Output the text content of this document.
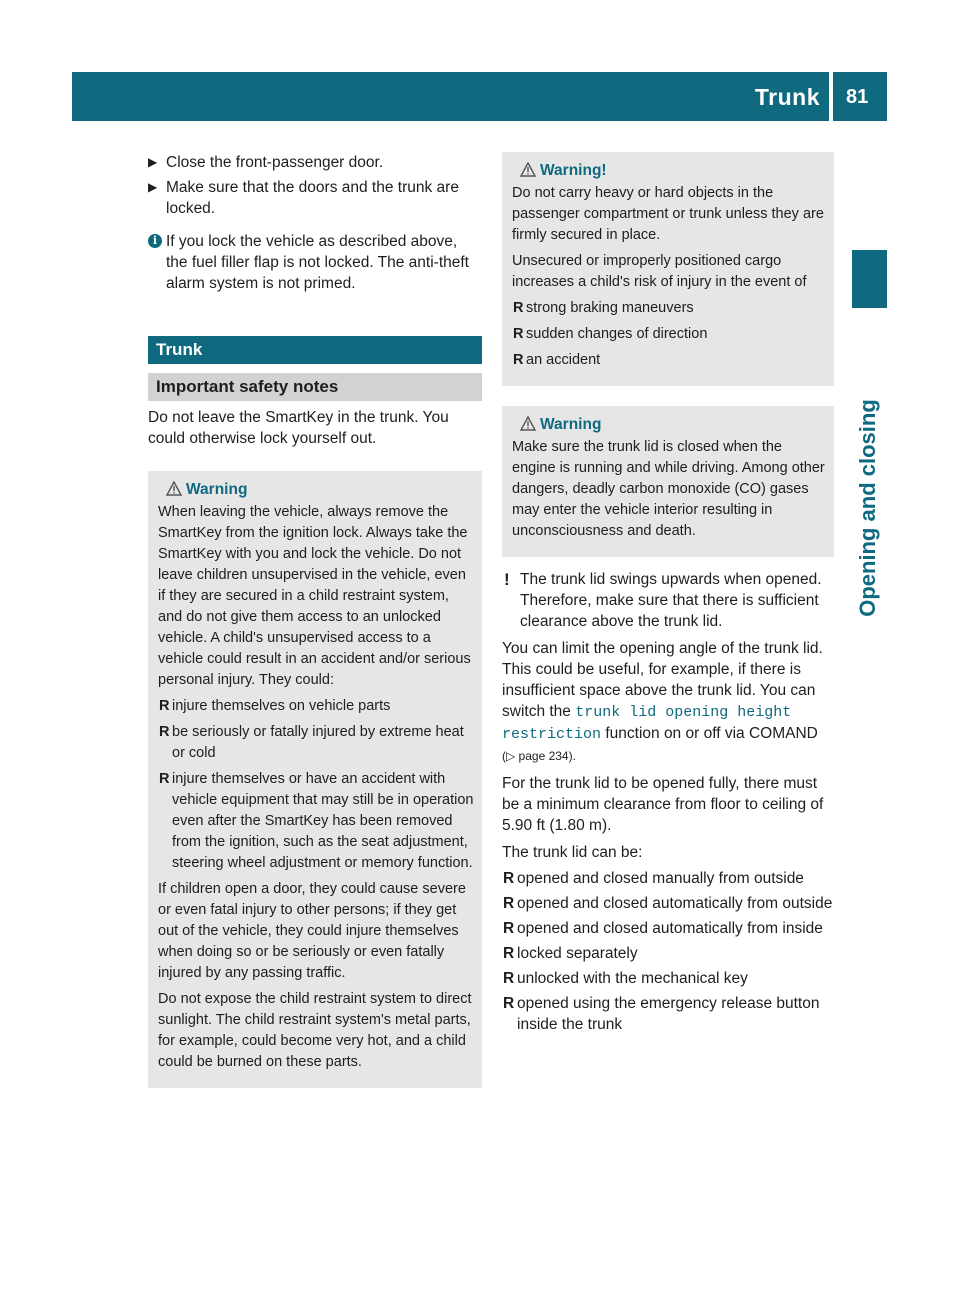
Trunk 81
Opening and closing
▶ Close the front-passenger door.
▶ Make sure that the doors and the trunk are locked.
i If you lock the vehicle as described above, the fuel filler flap is not locked. The anti-theft alarm system is not primed.
Trunk
Important safety notes
Do not leave the SmartKey in the trunk. You could otherwise lock yourself out.
Warning

When leaving the vehicle, always remove the SmartKey from the ignition lock. Always take the SmartKey with you and lock the vehicle. Do not leave children unsupervised in the vehicle, even if they are secured in a child restraint system, and do not give them access to an unlocked vehicle. A child's unsupervised access to a vehicle could result in an accident and/or serious personal injury. They could:

R injure themselves on vehicle parts
R be seriously or fatally injured by extreme heat or cold
R injure themselves or have an accident with vehicle equipment that may still be in operation even after the SmartKey has been removed from the ignition, such as the seat adjustment, steering wheel adjustment or memory function.

If children open a door, they could cause severe or even fatal injury to other persons; if they get out of the vehicle, they could injure themselves when doing so or be seriously or even fatally injured by any passing traffic.

Do not expose the child restraint system to direct sunlight. The child restraint system's metal parts, for example, could become very hot, and a child could be burned on these parts.

Warning!

Do not carry heavy or hard objects in the passenger compartment or trunk unless they are firmly secured in place.

Unsecured or improperly positioned cargo increases a child's risk of injury in the event of

R strong braking maneuvers
R sudden changes of direction
R an accident
Warning

Make sure the trunk lid is closed when the engine is running and while driving. Among other dangers, deadly carbon monoxide (CO) gases may enter the vehicle interior resulting in unconsciousness and death.

! The trunk lid swings upwards when opened. Therefore, make sure that there is sufficient clearance above the trunk lid.
You can limit the opening angle of the trunk lid. This could be useful, for example, if there is insufficient space above the trunk lid. You can switch the trunk lid opening height restriction function on or off via COMAND (▷ page 234).
For the trunk lid to be opened fully, there must be a minimum clearance from floor to ceiling of 5.90 ft (1.80 m).
The trunk lid can be:
R opened and closed manually from outside
R opened and closed automatically from outside
R opened and closed automatically from inside
R locked separately
R unlocked with the mechanical key
R opened using the emergency release button inside the trunk
